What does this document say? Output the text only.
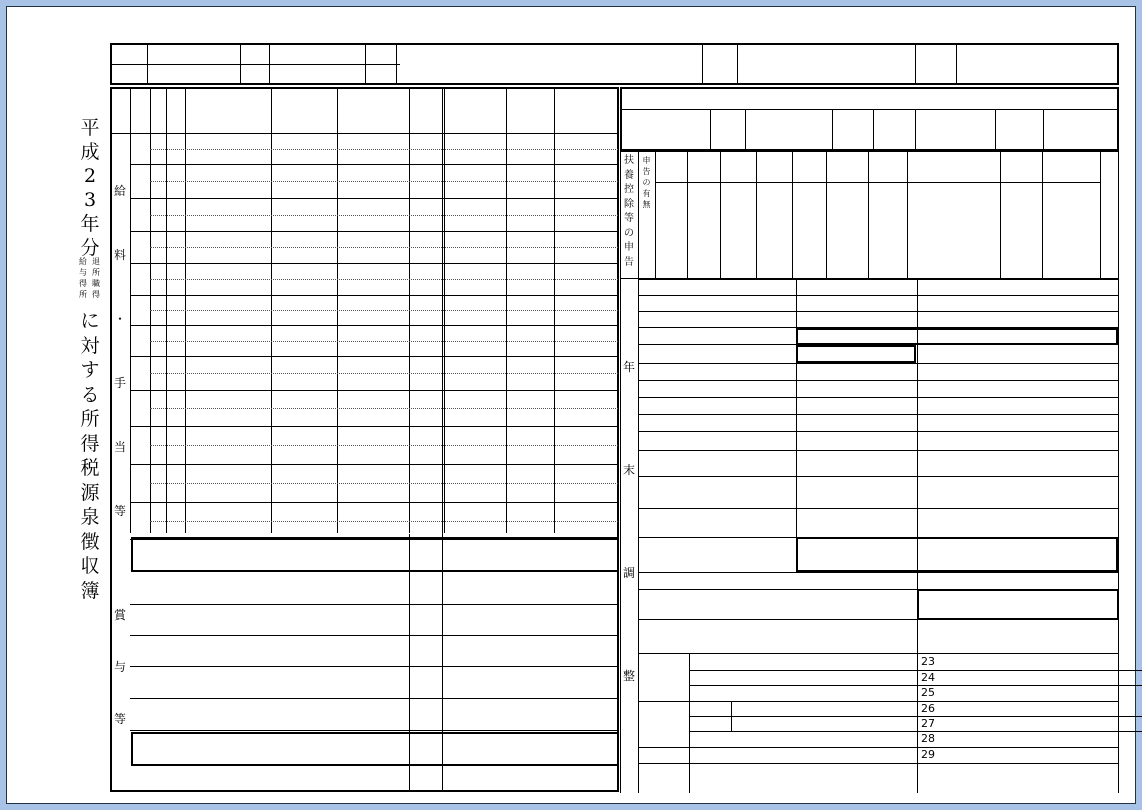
平
成
2
3
年
分
給 退
与 所
得 職
所 得
に
対
す
る
所
得
税
源
泉
徴
収
簿
給
料
・
手
当
等
賞
与
等
扶
養
控
除
等
の
申
告
申
告
の
有
無
年
末
調
整
23
24
25
26
27
28
29
